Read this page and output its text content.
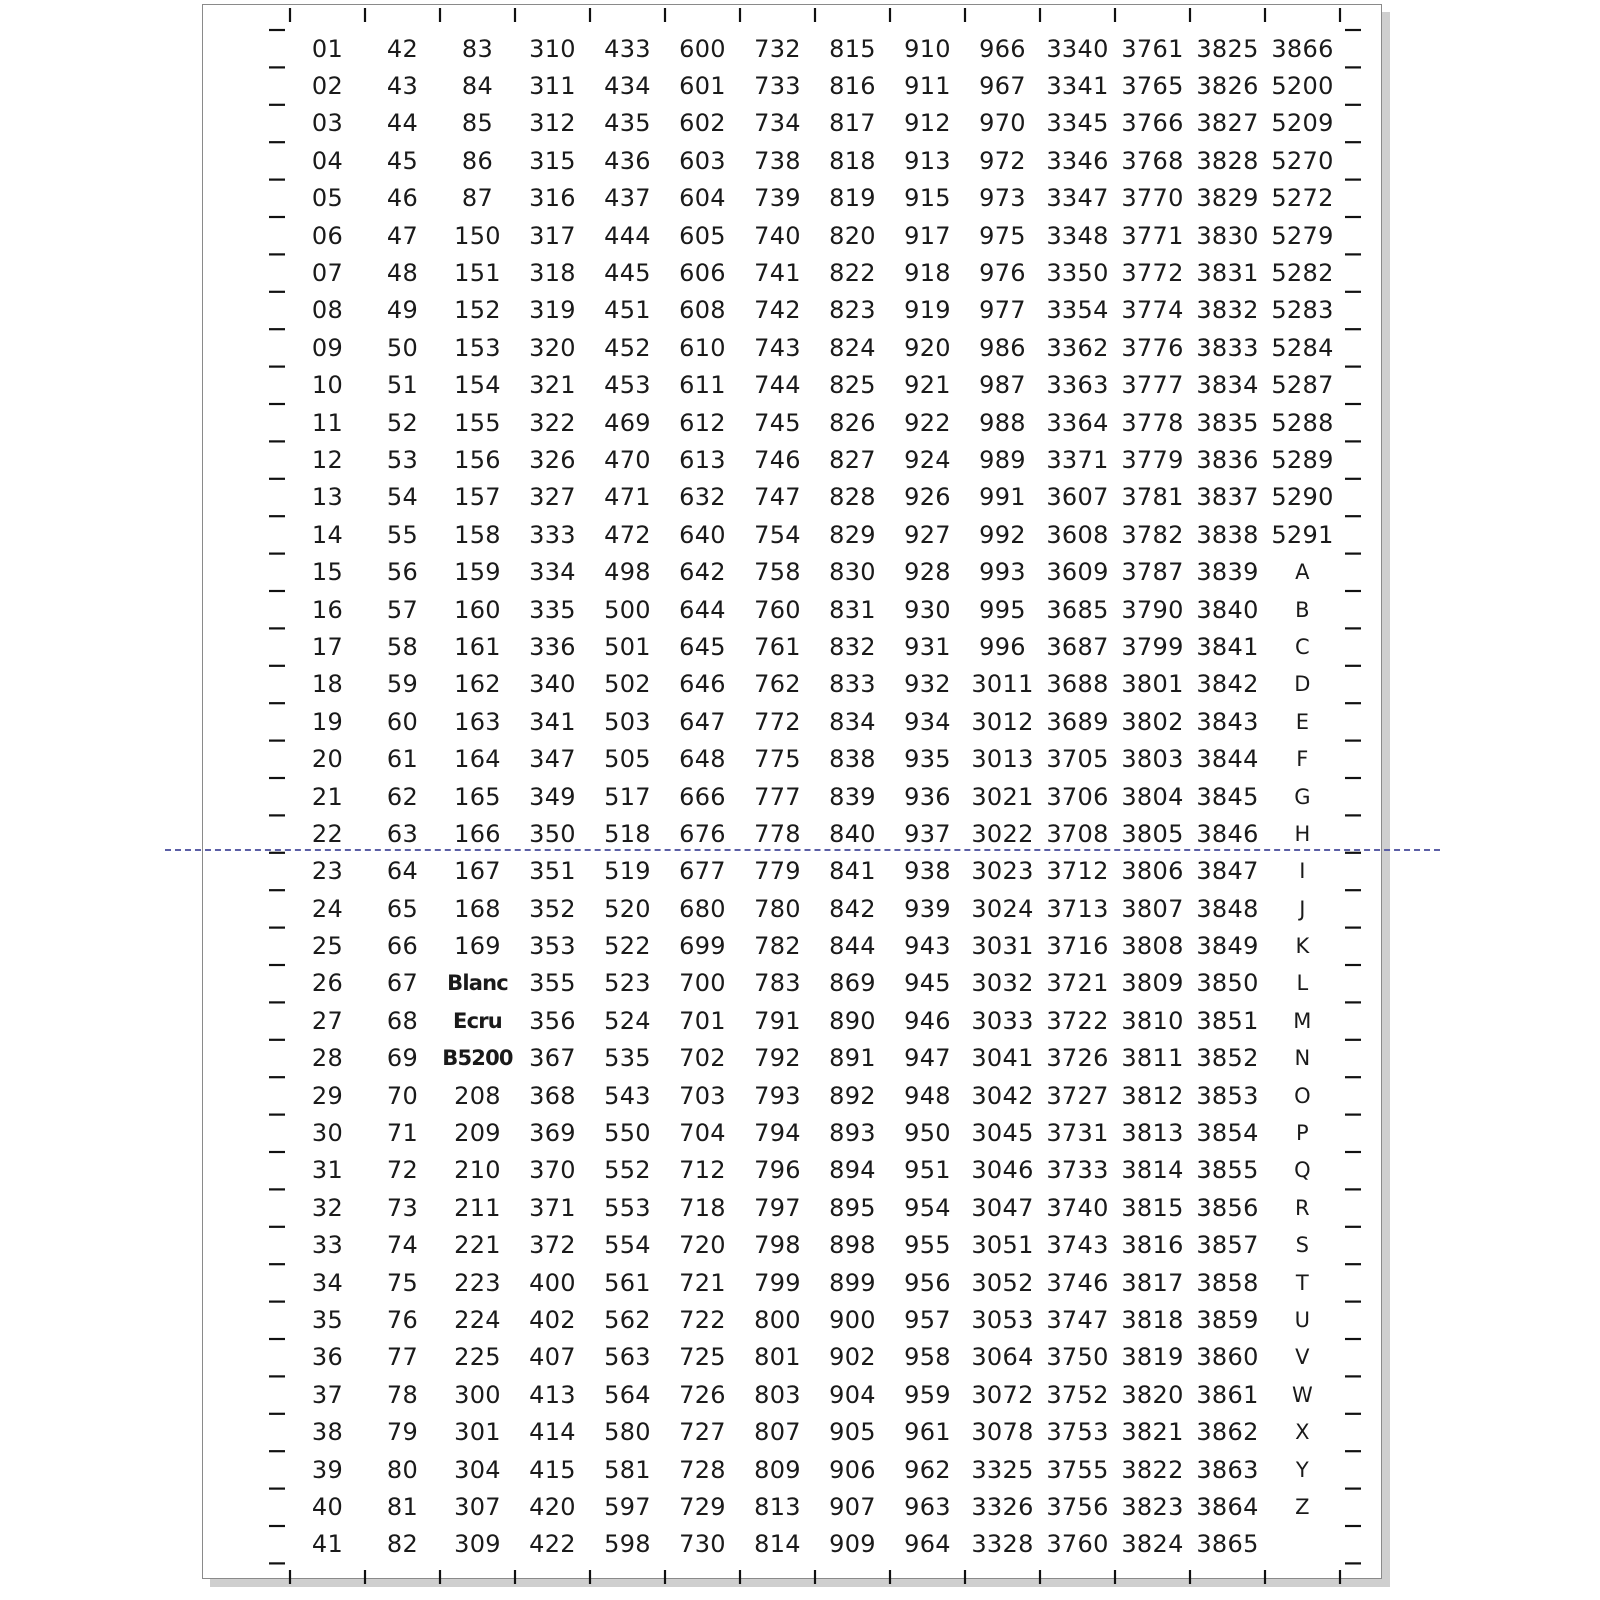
01	42	83	310	433	600	732	815	910	966 3340 3761 3825 3866
02	43	84	311	434	601	733	816	911	967 3341 3765 3826 5200
03	44	85	312	435	602	734	817	912	970 3345 3766 3827 5209
04	45	86	315	436	603	738	818	913	972 3346 3768 3828 5270
05	46	87	316	437	604	739	819	915	973 3347 3770 3829 5272
06	47	150	317	444	605	740	820	917	975 3348 3771 3830 5279
07	48	151	318	445	606	741	822	918	976 3350 3772 3831 5282
08	49	152	319	451	608	742	823	919	977 3354 3774 3832 5283
09	50	153	320	452	610	743	824	920	986 3362 3776 3833 5284
10	51	154	321	453	611	744	825	921	987 3363 3777 3834 5287
11	52	155	322	469	612	745	826	922	988 3364 3778 3835 5288
12	53	156	326	470	613	746	827	924	989 3371 3779 3836 5289
13	54	157	327	471	632	747	828	926	991 3607 3781 3837 5290
14	55	158	333	472	640	754	829	927	992 3608 3782 3838 5291
15	56	159	334	498	642	758	830	928	993 3609 3787 3839	A
16	57	160	335	500	644	760	831	930	995 3685 3790 3840	B
17	58	161	336	501	645	761	832	931	996 3687 3799 3841	C
18	59	162	340	502	646	762	833	932 3011 3688 3801 3842	D
19	60	163	341	503	647	772	834	934 3012 3689 3802 3843	E
20	61	164	347	505	648	775	838	935 3013 3705 3803 3844	F
21	62	165	349	517	666	777	839	936 3021 3706 3804 3845	G
22	63	166	350	518	676	778	840	937 3022 3708 3805 3846	H
23	64	167	351	519	677	779	841	938 3023 3712 3806 3847	I
24	65	168	352	520	680	780	842	939 3024 3713 3807 3848	J
25	66	169	353	522	699	782	844	943 3031 3716 3808 3849	K
26	67	Blanc 355	523	700	783	869	945 3032 3721 3809 3850	L
27	68	Ecru	356	524	701	791	890	946 3033 3722 3810 3851	M
28	69	B5200 367	535	702	792	891	947 3041 3726 3811 3852	N
29	70	208	368	543	703	793	892	948 3042 3727 3812 3853	O
30	71	209	369	550	704	794	893	950 3045 3731 3813 3854	P
31	72	210	370	552	712	796	894	951 3046 3733 3814 3855	Q
32	73	211	371	553	718	797	895	954 3047 3740 3815 3856	R
33	74	221	372	554	720	798	898	955 3051 3743 3816 3857	S
34	75	223	400	561	721	799	899	956 3052 3746 3817 3858	T
35	76	224	402	562	722	800	900	957 3053 3747 3818 3859	U
36	77	225	407	563	725	801	902	958 3064 3750 3819 3860	V
37	78	300	413	564	726	803	904	959 3072 3752 3820 3861	W
38	79	301	414	580	727	807	905	961 3078 3753 3821 3862	X
39	80	304	415	581	728	809	906	962 3325 3755 3822 3863	Y
40	81	307	420	597	729	813	907	963 3326 3756 3823 3864	Z
41	82	309	422	598	730	814	909	964 3328 3760 3824 3865
